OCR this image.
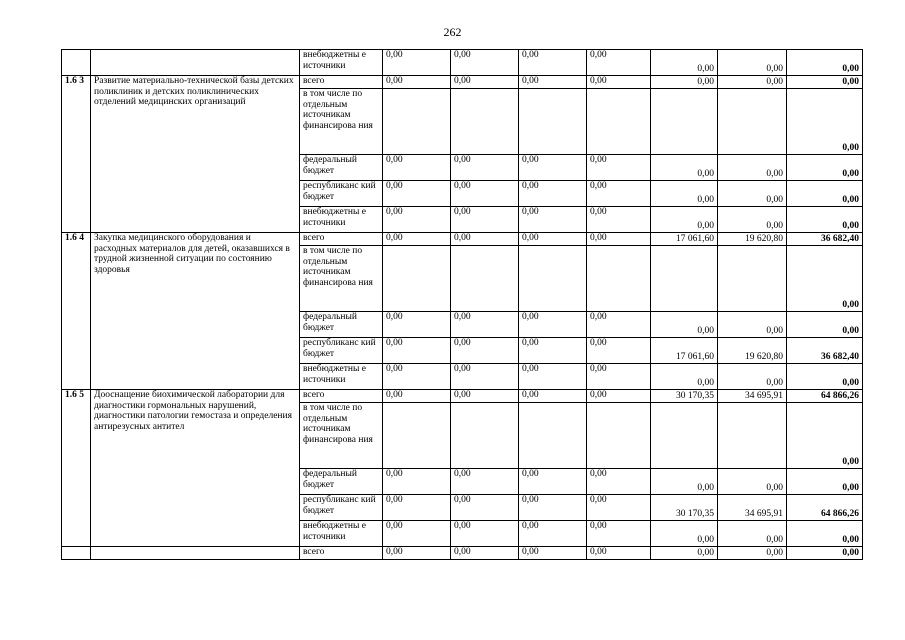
262
		внебюджетны е источники	0,00	0,00	0,00	0,00	0,00	0,00	0,00
1.6 3	Развитие материально-технической базы детских поликлиник и детских поликлинических отделений медицинских организаций	всего	0,00	0,00	0,00	0,00	0,00	0,00	0,00
		в том числе по отдельным источникам финансирова ния							0,00
		федеральный бюджет	0,00	0,00	0,00	0,00	0,00	0,00	0,00
		республиканс кий бюджет	0,00	0,00	0,00	0,00	0,00	0,00	0,00
		внебюджетны е источники	0,00	0,00	0,00	0,00	0,00	0,00	0,00
1.6 4	Закупка медицинского оборудования и расходных материалов для детей, оказавшихся в трудной жизненной ситуации по состоянию здоровья	всего	0,00	0,00	0,00	0,00	17 061,60	19 620,80	36 682,40
		в том числе по отдельным источникам финансирова ния							0,00
		федеральный бюджет	0,00	0,00	0,00	0,00	0,00	0,00	0,00
		республиканс кий бюджет	0,00	0,00	0,00	0,00	17 061,60	19 620,80	36 682,40
		внебюджетны е источники	0,00	0,00	0,00	0,00	0,00	0,00	0,00
1.6 5	Дооснащение биохимической лаборатории для диагностики гормональных нарушений, диагностики патологии гемостаза и определения антирезусных антител	всего	0,00	0,00	0,00	0,00	30 170,35	34 695,91	64 866,26
		в том числе по отдельным источникам финансирова ния							0,00
		федеральный бюджет	0,00	0,00	0,00	0,00	0,00	0,00	0,00
		республиканс кий бюджет	0,00	0,00	0,00	0,00	30 170,35	34 695,91	64 866,26
		внебюджетны е источники	0,00	0,00	0,00	0,00	0,00	0,00	0,00
		всего	0,00	0,00	0,00	0,00	0,00	0,00	0,00
